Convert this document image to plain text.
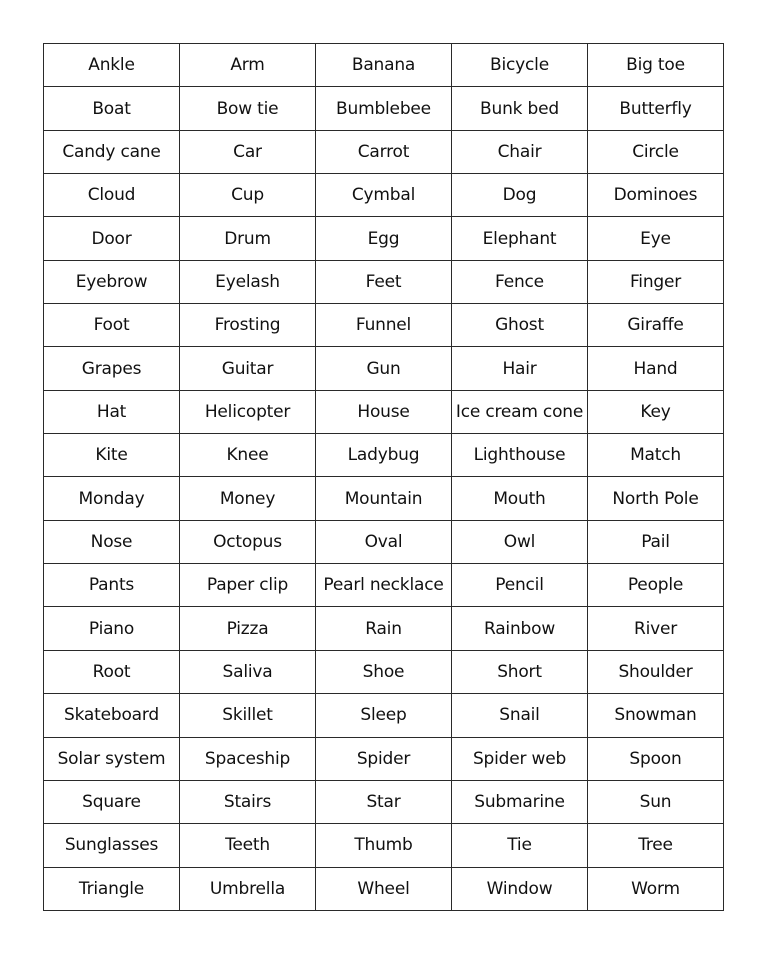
Ankle	Arm	Banana	Bicycle	Big toe
Boat	Bow tie	Bumblebee	Bunk bed	Butterfly
Candy cane	Car	Carrot	Chair	Circle
Cloud	Cup	Cymbal	Dog	Dominoes
Door	Drum	Egg	Elephant	Eye
Eyebrow	Eyelash	Feet	Fence	Finger
Foot	Frosting	Funnel	Ghost	Giraffe
Grapes	Guitar	Gun	Hair	Hand
Hat	Helicopter	House	Ice cream cone	Key
Kite	Knee	Ladybug	Lighthouse	Match
Monday	Money	Mountain	Mouth	North Pole
Nose	Octopus	Oval	Owl	Pail
Pants	Paper clip	Pearl necklace	Pencil	People
Piano	Pizza	Rain	Rainbow	River
Root	Saliva	Shoe	Short	Shoulder
Skateboard	Skillet	Sleep	Snail	Snowman
Solar system	Spaceship	Spider	Spider web	Spoon
Square	Stairs	Star	Submarine	Sun
Sunglasses	Teeth	Thumb	Tie	Tree
Triangle	Umbrella	Wheel	Window	Worm
